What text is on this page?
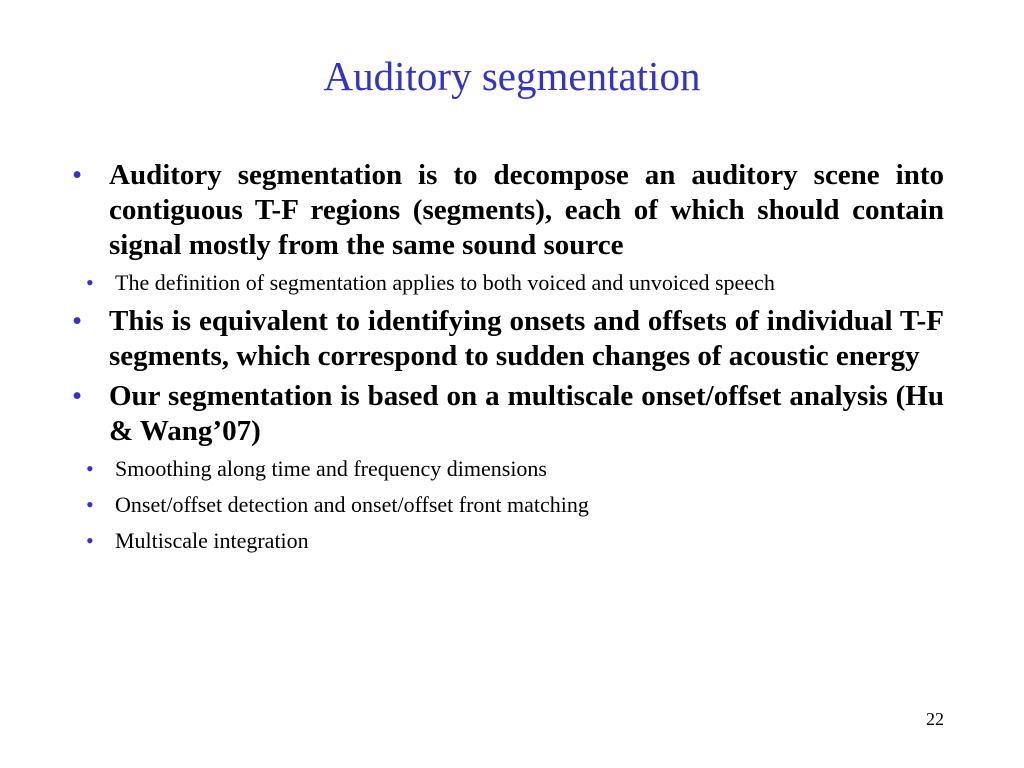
Auditory segmentation
• Auditory segmentation is to decompose an auditory scene into contiguous T-F regions (segments), each of which should contain signal mostly from the same sound source
• The definition of segmentation applies to both voiced and unvoiced speech
• This is equivalent to identifying onsets and offsets of individual T-F segments, which correspond to sudden changes of acoustic energy
• Our segmentation is based on a multiscale onset/offset analysis (Hu & Wang’07)
• Smoothing along time and frequency dimensions
• Onset/offset detection and onset/offset front matching
• Multiscale integration
22
